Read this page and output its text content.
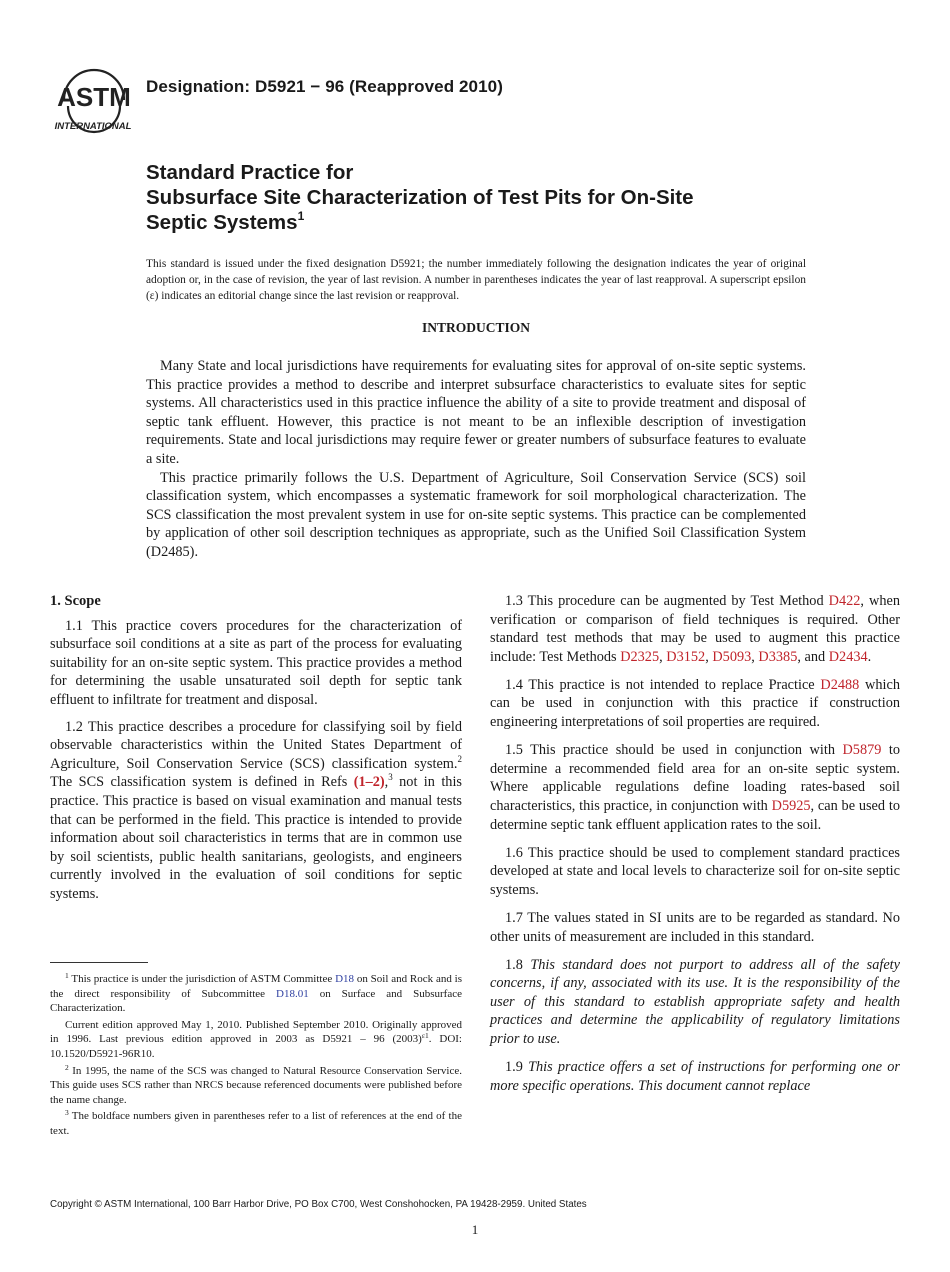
ASTM
INTERNATIONAL
Designation: D5921 − 96 (Reapproved 2010)
Standard Practice for
Subsurface Site Characterization of Test Pits for On-Site
Septic Systems$^1$
This standard is issued under the fixed designation D5921; the number immediately following the designation indicates the year of original adoption or, in the case of revision, the year of last revision. A number in parentheses indicates the year of last reapproval. A superscript epsilon (ε) indicates an editorial change since the last revision or reapproval.
INTRODUCTION

Many State and local jurisdictions have requirements for evaluating sites for approval of on-site septic systems. This practice provides a method to describe and interpret subsurface characteristics to evaluate sites for septic systems. All characteristics used in this practice influence the ability of a site to provide treatment and disposal of septic tank effluent. However, this practice is not meant to be an inflexible description of investigation requirements. State and local jurisdictions may require fewer or greater numbers of subsurface features to evaluate a site.

This practice primarily follows the U.S. Department of Agriculture, Soil Conservation Service (SCS) soil classification system, which encompasses a systematic framework for soil morphological characterization. The SCS classification the most prevalent system in use for on-site septic systems. This practice can be complemented by application of other soil description techniques as appropriate, such as the Unified Soil Classification System (D2485).

1. Scope

1.1 This practice covers procedures for the characterization of subsurface soil conditions at a site as part of the process for evaluating suitability for an on-site septic system. This practice provides a method for determining the usable unsaturated soil depth for septic tank effluent to infiltrate for treatment and disposal.

1.2 This practice describes a procedure for classifying soil by field observable characteristics within the United States Department of Agriculture, Soil Conservation Service (SCS) classification system.$^2$ The SCS classification system is defined in Refs (1–2),$^3$ not in this practice. This practice is based on visual examination and manual tests that can be performed in the field. This practice is intended to provide information about soil characteristics in terms that are in common use by soil scientists, public health sanitarians, geologists, and engineers currently involved in the evaluation of soil conditions for septic systems.

1.3 This procedure can be augmented by Test Method D422, when verification or comparison of field techniques is required. Other standard test methods that may be used to augment this practice include: Test Methods D2325, D3152, D5093, D3385, and D2434.

1.4 This practice is not intended to replace Practice D2488 which can be used in conjunction with this practice if construction engineering interpretations of soil properties are required.

1.5 This practice should be used in conjunction with D5879 to determine a recommended field area for an on-site septic system. Where applicable regulations define loading rates-based soil characteristics, this practice, in conjunction with D5925, can be used to determine septic tank effluent application rates to the soil.

1.6 This practice should be used to complement standard practices developed at state and local levels to characterize soil for on-site septic systems.

1.7 The values stated in SI units are to be regarded as standard. No other units of measurement are included in this standard.

1.8 This standard does not purport to address all of the safety concerns, if any, associated with its use. It is the responsibility of the user of this standard to establish appropriate safety and health practices and determine the applicability of regulatory limitations prior to use.

1.9 This practice offers a set of instructions for performing one or more specific operations. This document cannot replace

$^1$ This practice is under the jurisdiction of ASTM Committee D18 on Soil and Rock and is the direct responsibility of Subcommittee D18.01 on Surface and Subsurface Characterization.

Current edition approved May 1, 2010. Published September 2010. Originally approved in 1996. Last previous edition approved in 2003 as D5921 – 96 $(2003)^{\varepsilon 1}$. DOI: 10.1520/D5921-96R10.

$^2$ In 1995, the name of the SCS was changed to Natural Resource Conservation Service. This guide uses SCS rather than NRCS because referenced documents were published before the name change.

$^3$ The boldface numbers given in parentheses refer to a list of references at the end of the text.

Copyright © ASTM International, 100 Barr Harbor Drive, PO Box C700, West Conshohocken, PA 19428-2959. United States
1
